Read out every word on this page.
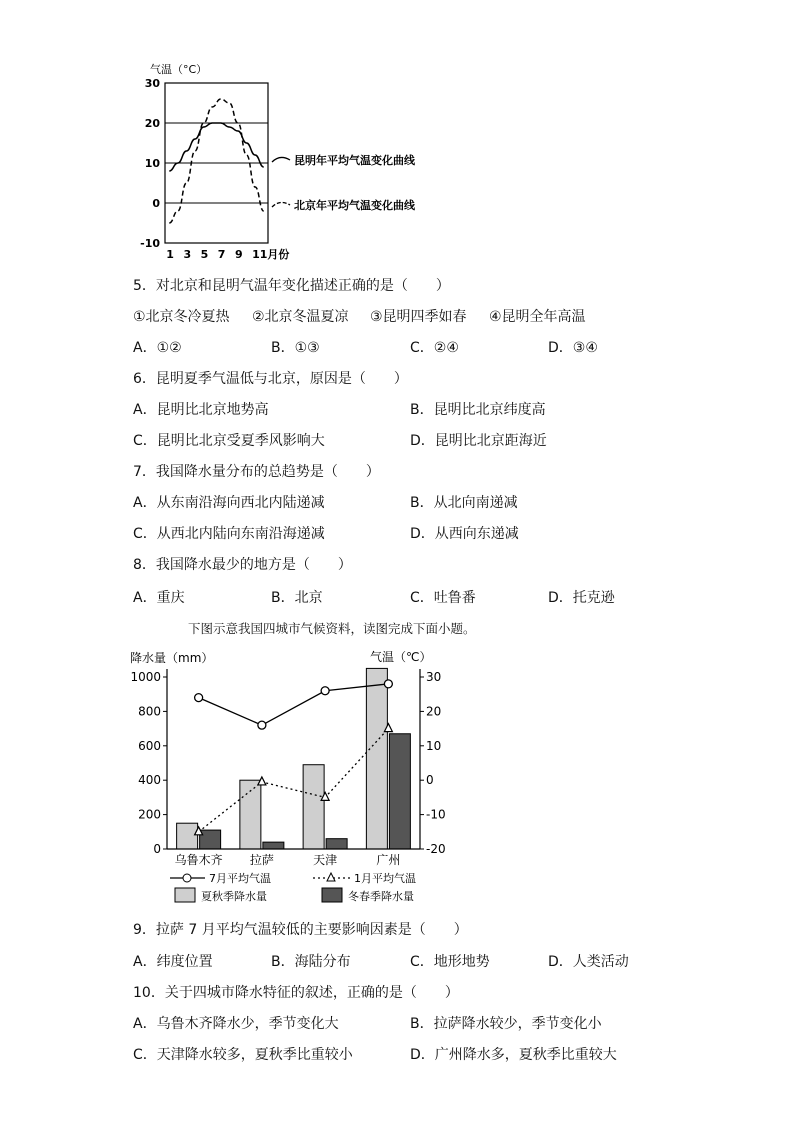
气温（°C）
30
20
10
0
-10
1 3 5 7 9 11月份
昆明年平均气温变化曲线
北京年平均气温变化曲线
5．对北京和昆明气温年变化描述正确的是（　　）
①北京冬冷夏热 ②北京冬温夏凉 ③昆明四季如春 ④昆明全年高温
A．①②	B．①③	C．②④	D．③④
6．昆明夏季气温低与北京，原因是（　　）
A．昆明比北京地势高	B．昆明比北京纬度高
C．昆明比北京受夏季风影响大	D．昆明比北京距海近
7．我国降水量分布的总趋势是（　　）
A．从东南沿海向西北内陆递减	B．从北向南递减
C．从西北内陆向东南沿海递减	D．从西向东递减
8．我国降水最少的地方是（　　）
A．重庆	B．北京	C．吐鲁番	D．托克逊
下图示意我国四城市气候资料，读图完成下面小题。
降水量（mm）	气温（℃）
1000
800
600
400
200
0
30
20
10
0
-10
-20
乌鲁木齐 拉萨	天津	广州
7月平均气温	1月平均气温
夏秋季降水量	冬春季降水量
9．拉萨 7 月平均气温较低的主要影响因素是（　　）
A．纬度位置	B．海陆分布	C．地形地势	D．人类活动
10．关于四城市降水特征的叙述，正确的是（　　）
A．乌鲁木齐降水少，季节变化大	B．拉萨降水较少，季节变化小
C．天津降水较多，夏秋季比重较小	D．广州降水多，夏秋季比重较大
